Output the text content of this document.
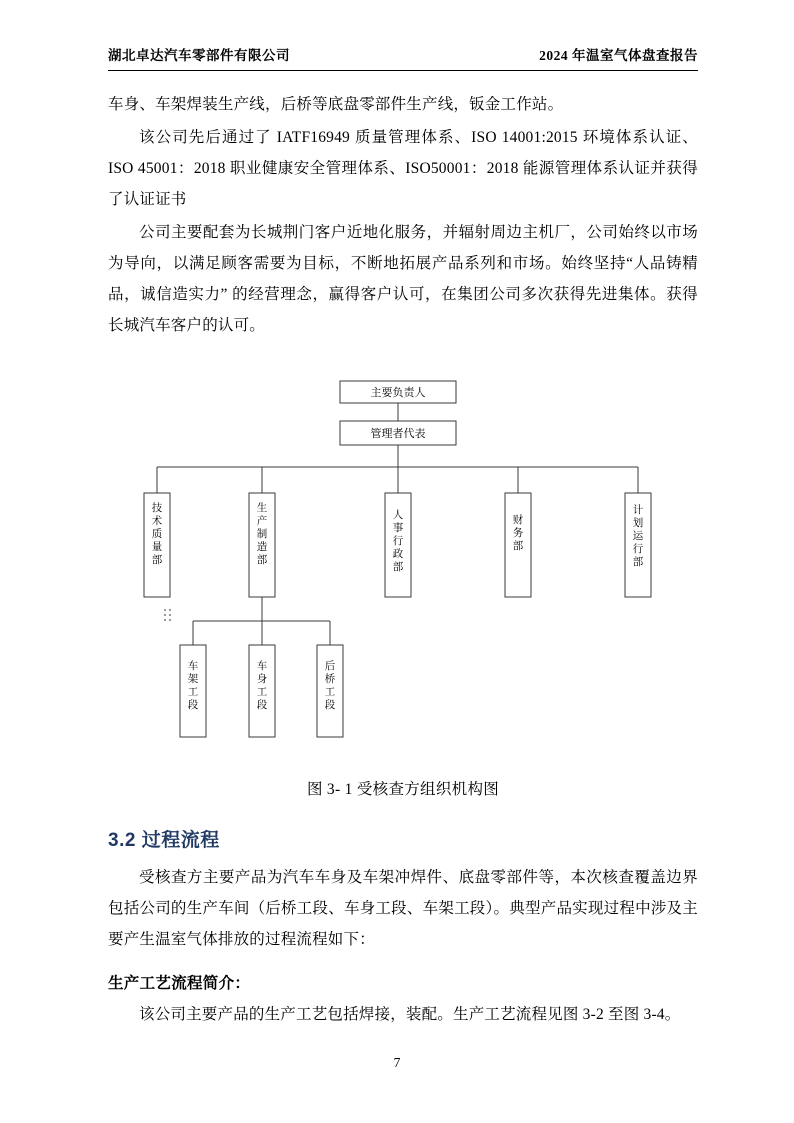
湖北卓达汽车零部件有限公司	2024 年温室气体盘查报告

车身、车架焊装生产线，后桥等底盘零部件生产线，钣金工作站。

该公司先后通过了 IATF16949 质量管理体系、ISO 14001:2015 环境体系认证、ISO 45001：2018 职业健康安全管理体系、ISO50001：2018 能源管理体系认证并获得了认证证书

公司主要配套为长城荆门客户近地化服务，并辐射周边主机厂，公司始终以市场为导向，以满足顾客需要为目标，不断地拓展产品系列和市场。始终坚持“人品铸精品，诚信造实力” 的经营理念，赢得客户认可，在集团公司多次获得先进集体。获得长城汽车客户的认可。

主要负责人
管理者代表
技术质量部
生产制造部
人事行政部
财务部
计划运行部
车架工段
车身工段
后桥工段
图 3- 1 受核查方组织机构图
3.2 过程流程

受核查方主要产品为汽车车身及车架冲焊件、底盘零部件等，本次核查覆盖边界包括公司的生产车间（后桥工段、车身工段、车架工段）。典型产品实现过程中涉及主要产生温室气体排放的过程流程如下：

生产工艺流程简介：

该公司主要产品的生产工艺包括焊接，装配。生产工艺流程见图 3-2 至图 3-4。

7
